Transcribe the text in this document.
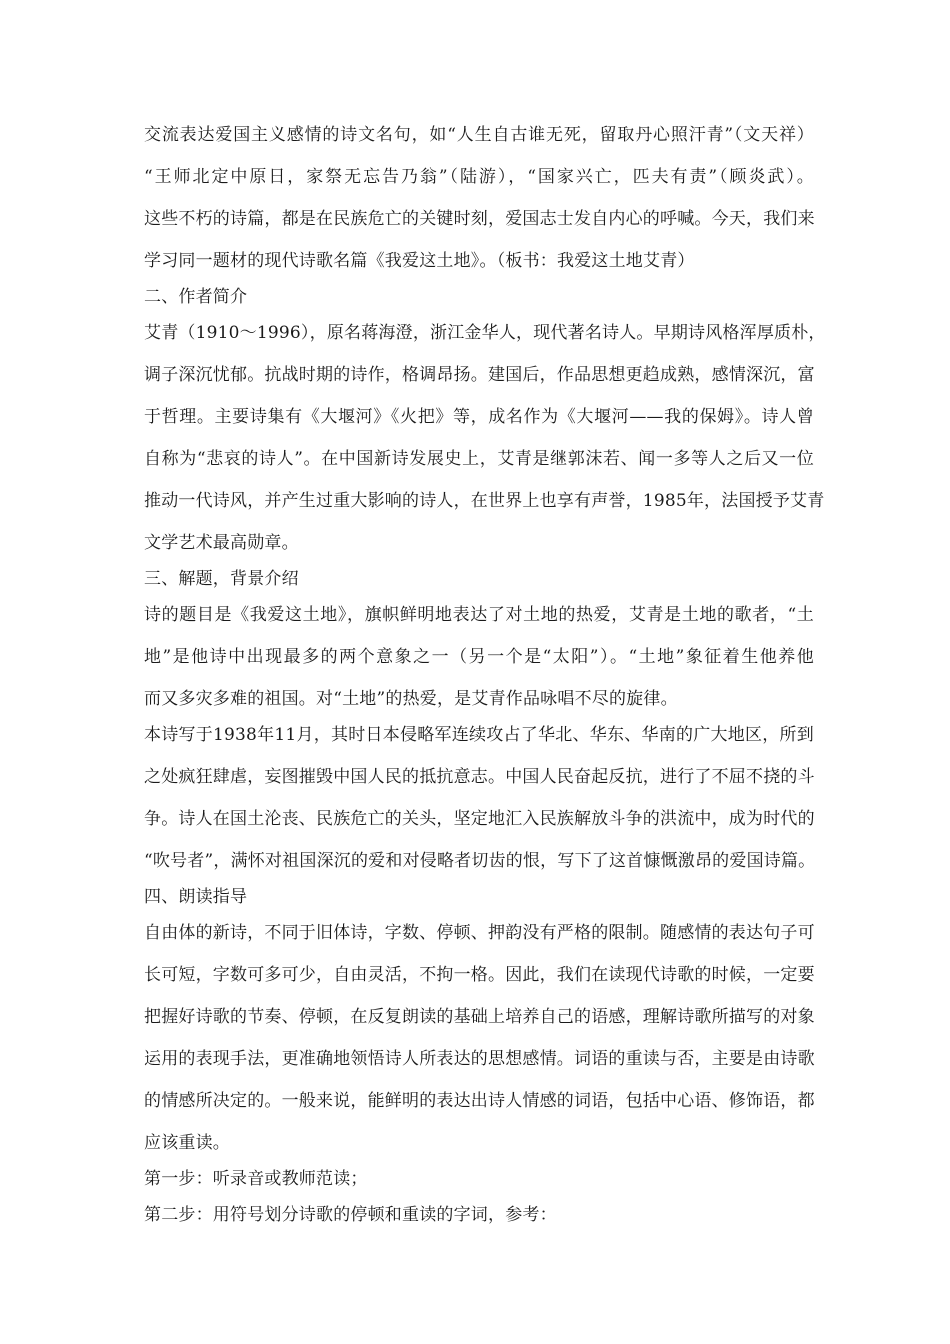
交流表达爱国主义感情的诗文名句，如“人生自古谁无死，留取丹心照汗青”（文天祥）
“王师北定中原日，家祭无忘告乃翁”（陆游），“国家兴亡，匹夫有责”（顾炎武）。
这些不朽的诗篇，都是在民族危亡的关键时刻，爱国志士发自内心的呼喊。今天，我们来
学习同一题材的现代诗歌名篇《我爱这土地》。（板书：我爱这土地艾青）
二、作者简介
艾青（1910～1996），原名蒋海澄，浙江金华人，现代著名诗人。早期诗风格浑厚质朴，
调子深沉忧郁。抗战时期的诗作，格调昂扬。建国后，作品思想更趋成熟，感情深沉，富
于哲理。主要诗集有《大堰河》《火把》等，成名作为《大堰河——我的保姆》。诗人曾
自称为“悲哀的诗人”。在中国新诗发展史上，艾青是继郭沫若、闻一多等人之后又一位
推动一代诗风，并产生过重大影响的诗人，在世界上也享有声誉，1985年，法国授予艾青
文学艺术最高勋章。
三、解题，背景介绍
诗的题目是《我爱这土地》，旗帜鲜明地表达了对土地的热爱，艾青是土地的歌者，“土
地”是他诗中出现最多的两个意象之一（另一个是“太阳”）。“土地”象征着生他养他
而又多灾多难的祖国。对“土地”的热爱，是艾青作品咏唱不尽的旋律。
本诗写于1938年11月，其时日本侵略军连续攻占了华北、华东、华南的广大地区，所到
之处疯狂肆虐，妄图摧毁中国人民的抵抗意志。中国人民奋起反抗，进行了不屈不挠的斗
争。诗人在国土沦丧、民族危亡的关头，坚定地汇入民族解放斗争的洪流中，成为时代的
“吹号者”，满怀对祖国深沉的爱和对侵略者切齿的恨，写下了这首慷慨激昂的爱国诗篇。
四、朗读指导
自由体的新诗，不同于旧体诗，字数、停顿、押韵没有严格的限制。随感情的表达句子可
长可短，字数可多可少，自由灵活，不拘一格。因此，我们在读现代诗歌的时候，一定要
把握好诗歌的节奏、停顿，在反复朗读的基础上培养自己的语感，理解诗歌所描写的对象
运用的表现手法，更准确地领悟诗人所表达的思想感情。词语的重读与否，主要是由诗歌
的情感所决定的。一般来说，能鲜明的表达出诗人情感的词语，包括中心语、修饰语，都
应该重读。
第一步：听录音或教师范读；
第二步：用符号划分诗歌的停顿和重读的字词，参考：
